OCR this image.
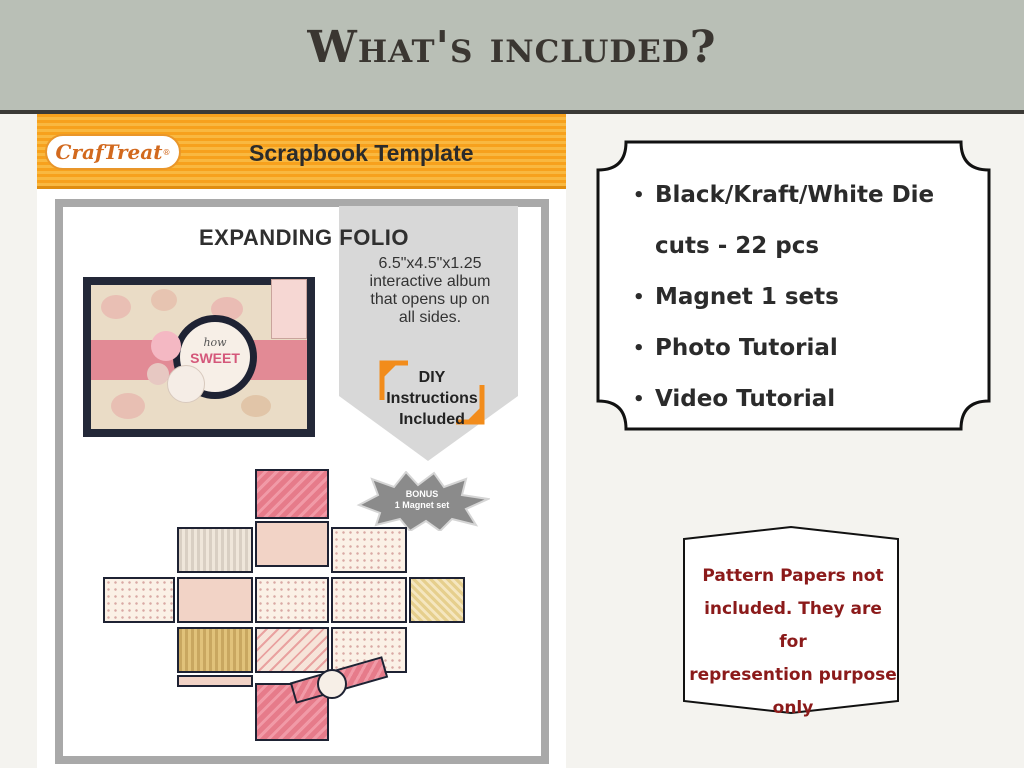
What's included?
CrafTreat ®	Scrapbook Template
EXPANDING FOLIO
6.5"x4.5"x1.25
interactive album
that opens up on
all sides.
DIY
Instructions
Included
BONUS
1 Magnet set
how
SWEET
• Black/Kraft/White Die
cuts - 22 pcs
• Magnet 1 sets
• Photo Tutorial
• Video Tutorial
Pattern Papers not
included. They are for
represention purpose
only
